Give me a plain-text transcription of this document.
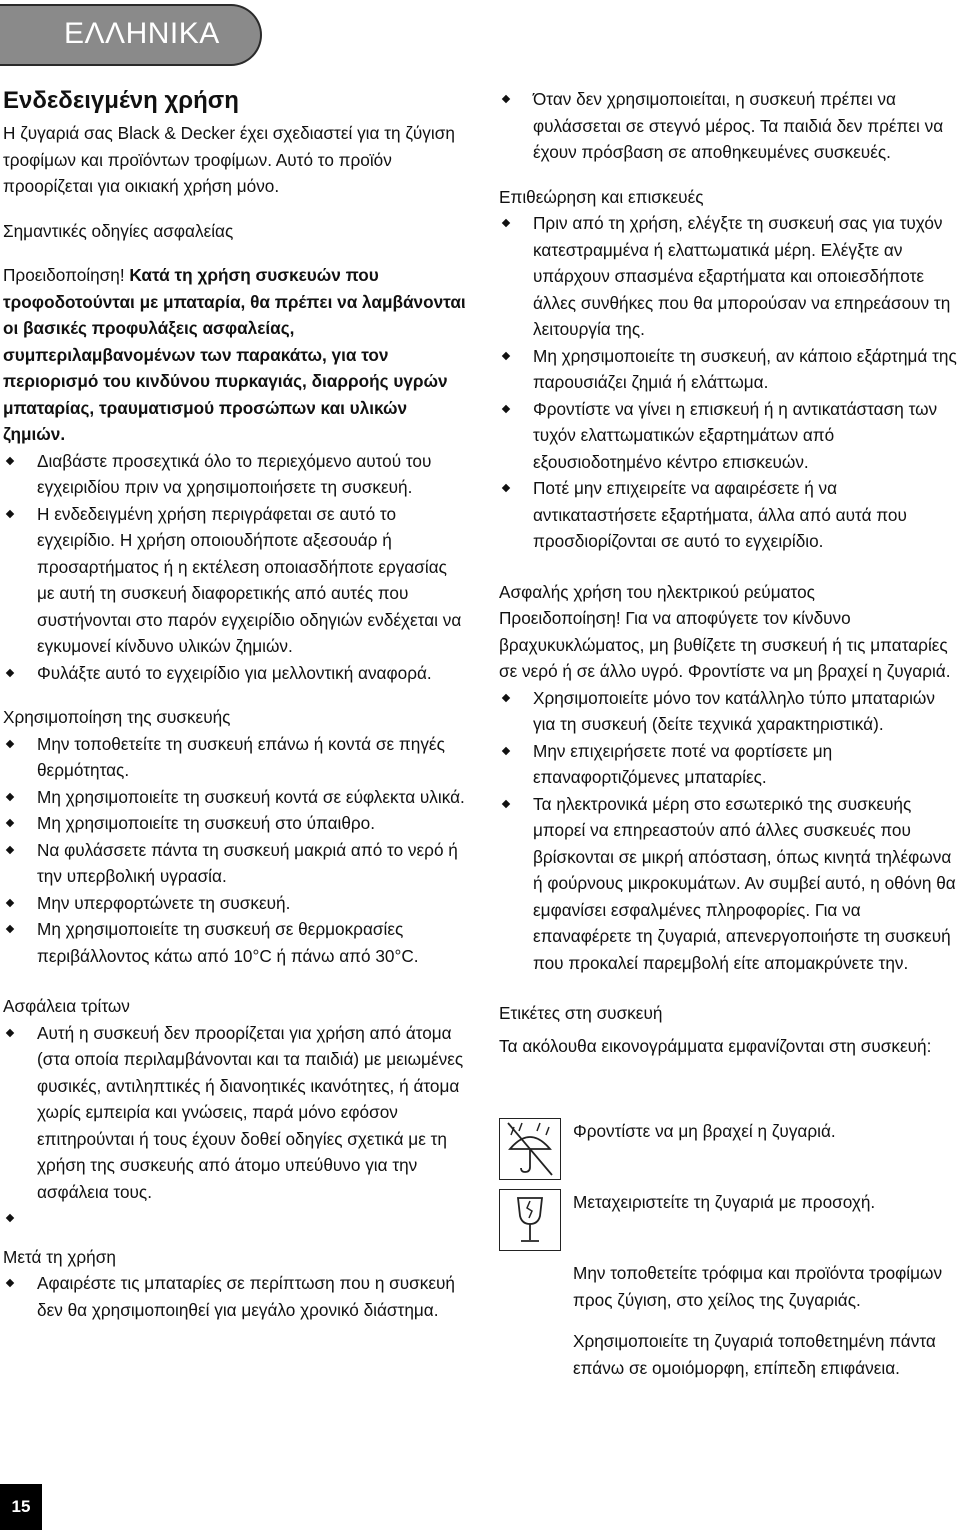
ΕΛΛΗΝΙΚΑ
Ενδεδειγμένη χρήση

Η ζυγαριά σας Black & Decker έχει σχεδιαστεί για τη ζύγιση τροφίμων και προϊόντων τροφίμων. Αυτό το προϊόν προορίζεται για οικιακή χρήση μόνο.

Σημαντικές οδηγίες ασφαλείας

Προειδοποίηση! Κατά τη χρήση συσκευών που τροφοδοτούνται με μπαταρία, θα πρέπει να λαμβάνονται οι βασικές προφυλάξεις ασφαλείας, συμπεριλαμβανομένων των παρακάτω, για τον περιορισμό του κινδύνου πυρκαγιάς, διαρροής υγρών μπαταρίας, τραυματισμού προσώπων και υλικών ζημιών.

Διαβάστε προσεχτικά όλο το περιεχόμενο αυτού του εγχειριδίου πριν να χρησιμοποιήσετε τη συσκευή.
Η ενδεδειγμένη χρήση περιγράφεται σε αυτό το εγχειρίδιο. Η χρήση οποιουδήποτε αξεσουάρ ή προσαρτήματος ή η εκτέλεση οποιασδήποτε εργασίας με αυτή τη συσκευή διαφορετικής από αυτές που συστήνονται στο παρόν εγχειρίδιο οδηγιών ενδέχεται να εγκυμονεί κίνδυνο υλικών ζημιών.
Φυλάξτε αυτό το εγχειρίδιο για μελλοντική αναφορά.

Χρησιμοποίηση της συσκευής

Μην τοποθετείτε τη συσκευή επάνω ή κοντά σε πηγές θερμότητας.
Μη χρησιμοποιείτε τη συσκευή κοντά σε εύφλεκτα υλικά.
Μη χρησιμοποιείτε τη συσκευή στο ύπαιθρο.
Να φυλάσσετε πάντα τη συσκευή μακριά από το νερό ή την υπερβολική υγρασία.
Μην υπερφορτώνετε τη συσκευή.
Μη χρησιμοποιείτε τη συσκευή σε θερμοκρασίες περιβάλλοντος κάτω από 10°C ή πάνω από 30°C.

Ασφάλεια τρίτων

Αυτή η συσκευή δεν προορίζεται για χρήση από άτομα (στα οποία περιλαμβάνονται και τα παιδιά) με μειωμένες φυσικές, αντιληπτικές ή διανοητικές ικανότητες, ή άτομα χωρίς εμπειρία και γνώσεις, παρά μόνο εφόσον επιτηρούνται ή τους έχουν δοθεί οδηγίες σχετικά με τη χρήση της συσκευής από άτομο υπεύθυνο για την ασφάλεια τους.

Μετά τη χρήση

Αφαιρέστε τις μπαταρίες σε περίπτωση που η συσκευή δεν θα χρησιμοποιηθεί για μεγάλο χρονικό διάστημα.
Όταν δεν χρησιμοποιείται, η συσκευή πρέπει να φυλάσσεται σε στεγνό μέρος. Τα παιδιά δεν πρέπει να έχουν πρόσβαση σε αποθηκευμένες συσκευές.

Επιθεώρηση και επισκευές

Πριν από τη χρήση, ελέγξτε τη συσκευή σας για τυχόν κατεστραμμένα ή ελαττωματικά μέρη. Ελέγξτε αν υπάρχουν σπασμένα εξαρτήματα και οποιεσδήποτε άλλες συνθήκες που θα μπορούσαν να επηρεάσουν τη λειτουργία της.
Μη χρησιμοποιείτε τη συσκευή, αν κάποιο εξάρτημά της παρουσιάζει ζημιά ή ελάττωμα.
Φροντίστε να γίνει η επισκευή ή η αντικατάσταση των τυχόν ελαττωματικών εξαρτημάτων από εξουσιοδοτημένο κέντρο επισκευών.
Ποτέ μην επιχειρείτε να αφαιρέσετε ή να αντικαταστήσετε εξαρτήματα, άλλα από αυτά που προσδιορίζονται σε αυτό το εγχειρίδιο.

Ασφαλής χρήση του ηλεκτρικού ρεύματος

Προειδοποίηση! Για να αποφύγετε τον κίνδυνο βραχυκυκλώματος, μη βυθίζετε τη συσκευή ή τις μπαταρίες σε νερό ή σε άλλο υγρό. Φροντίστε να μη βραχεί η ζυγαριά.

Χρησιμοποιείτε μόνο τον κατάλληλο τύπο μπαταριών για τη συσκευή (δείτε τεχνικά χαρακτηριστικά).
Μην επιχειρήσετε ποτέ να φορτίσετε μη επαναφορτιζόμενες μπαταρίες.
Τα ηλεκτρονικά μέρη στο εσωτερικό της συσκευής μπορεί να επηρεαστούν από άλλες συσκευές που βρίσκονται σε μικρή απόσταση, όπως κινητά τηλέφωνα ή φούρνους μικροκυμάτων. Αν συμβεί αυτό, η οθόνη θα εμφανίσει εσφαλμένες πληροφορίες. Για να επαναφέρετε τη ζυγαριά, απενεργοποιήστε τη συσκευή που προκαλεί παρεμβολή είτε απομακρύνετε την.

Ετικέτες στη συσκευή

Τα ακόλουθα εικονογράμματα εμφανίζονται στη συσκευή:

Φροντίστε να μη βραχεί η ζυγαριά.
Μεταχειριστείτε τη ζυγαριά με προσοχή.
Μην τοποθετείτε τρόφιμα και προϊόντα τροφίμων προς ζύγιση, στο χείλος της ζυγαριάς.
Χρησιμοποιείτε τη ζυγαριά τοποθετημένη πάντα επάνω σε ομοιόμορφη, επίπεδη επιφάνεια.
15
